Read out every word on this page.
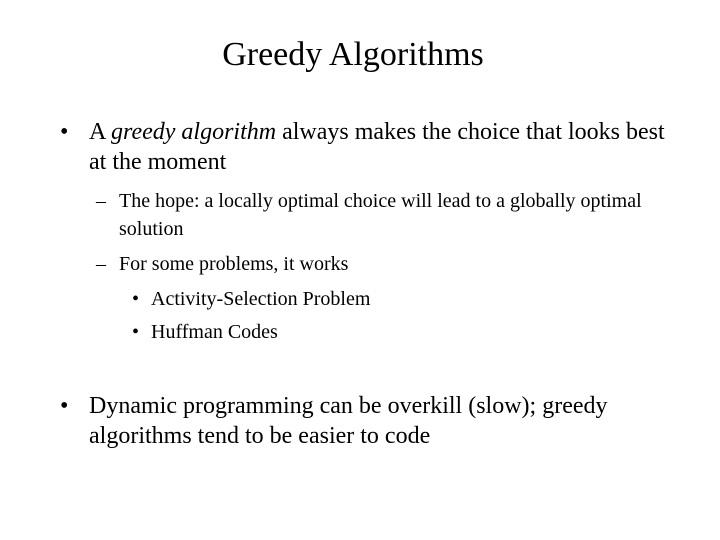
Greedy Algorithms
• A greedy algorithm always makes the choice that looks best at the moment
– The hope: a locally optimal choice will lead to a globally optimal solution
– For some problems, it works
• Activity-Selection Problem
• Huffman Codes
• Dynamic programming can be overkill (slow); greedy algorithms tend to be easier to code
